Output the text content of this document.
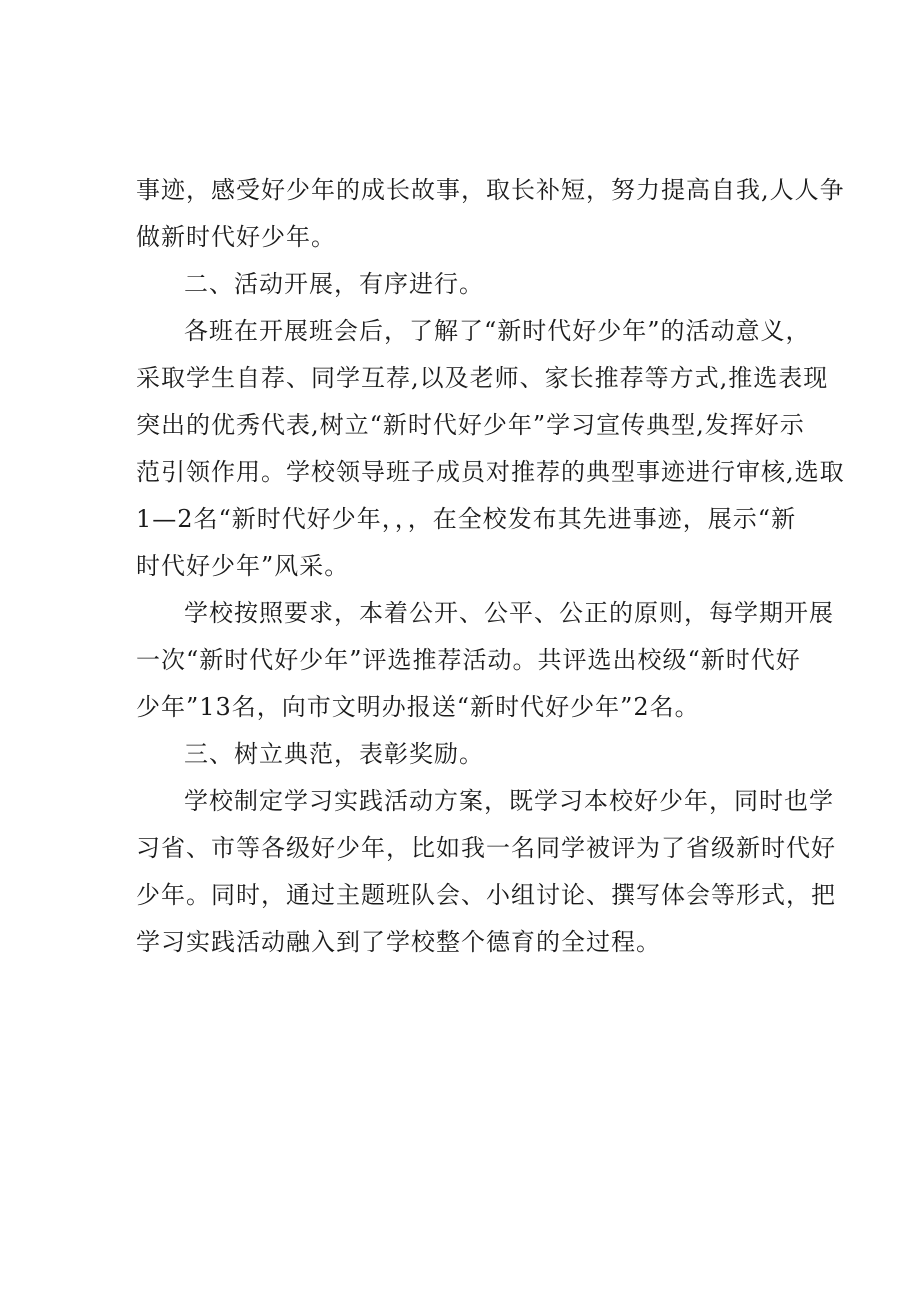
事迹，感受好少年的成长故事，取长补短，努力提高自我,人人争
做新时代好少年。
二、活动开展，有序进行。
各班在开展班会后，了解了“新时代好少年”的活动意义，
采取学生自荐、同学互荐,以及老师、家长推荐等方式,推选表现
突出的优秀代表,树立“新时代好少年”学习宣传典型,发挥好示
范引领作用。学校领导班子成员对推荐的典型事迹进行审核,选取
1—2名“新时代好少年，，，在全校发布其先进事迹，展示“新
时代好少年”风采。
学校按照要求，本着公开、公平、公正的原则，每学期开展
一次“新时代好少年”评选推荐活动。共评选出校级“新时代好
少年”13名，向市文明办报送“新时代好少年”2名。
三、树立典范，表彰奖励。
学校制定学习实践活动方案，既学习本校好少年，同时也学
习省、市等各级好少年，比如我一名同学被评为了省级新时代好
少年。同时，通过主题班队会、小组讨论、撰写体会等形式，把
学习实践活动融入到了学校整个德育的全过程。
